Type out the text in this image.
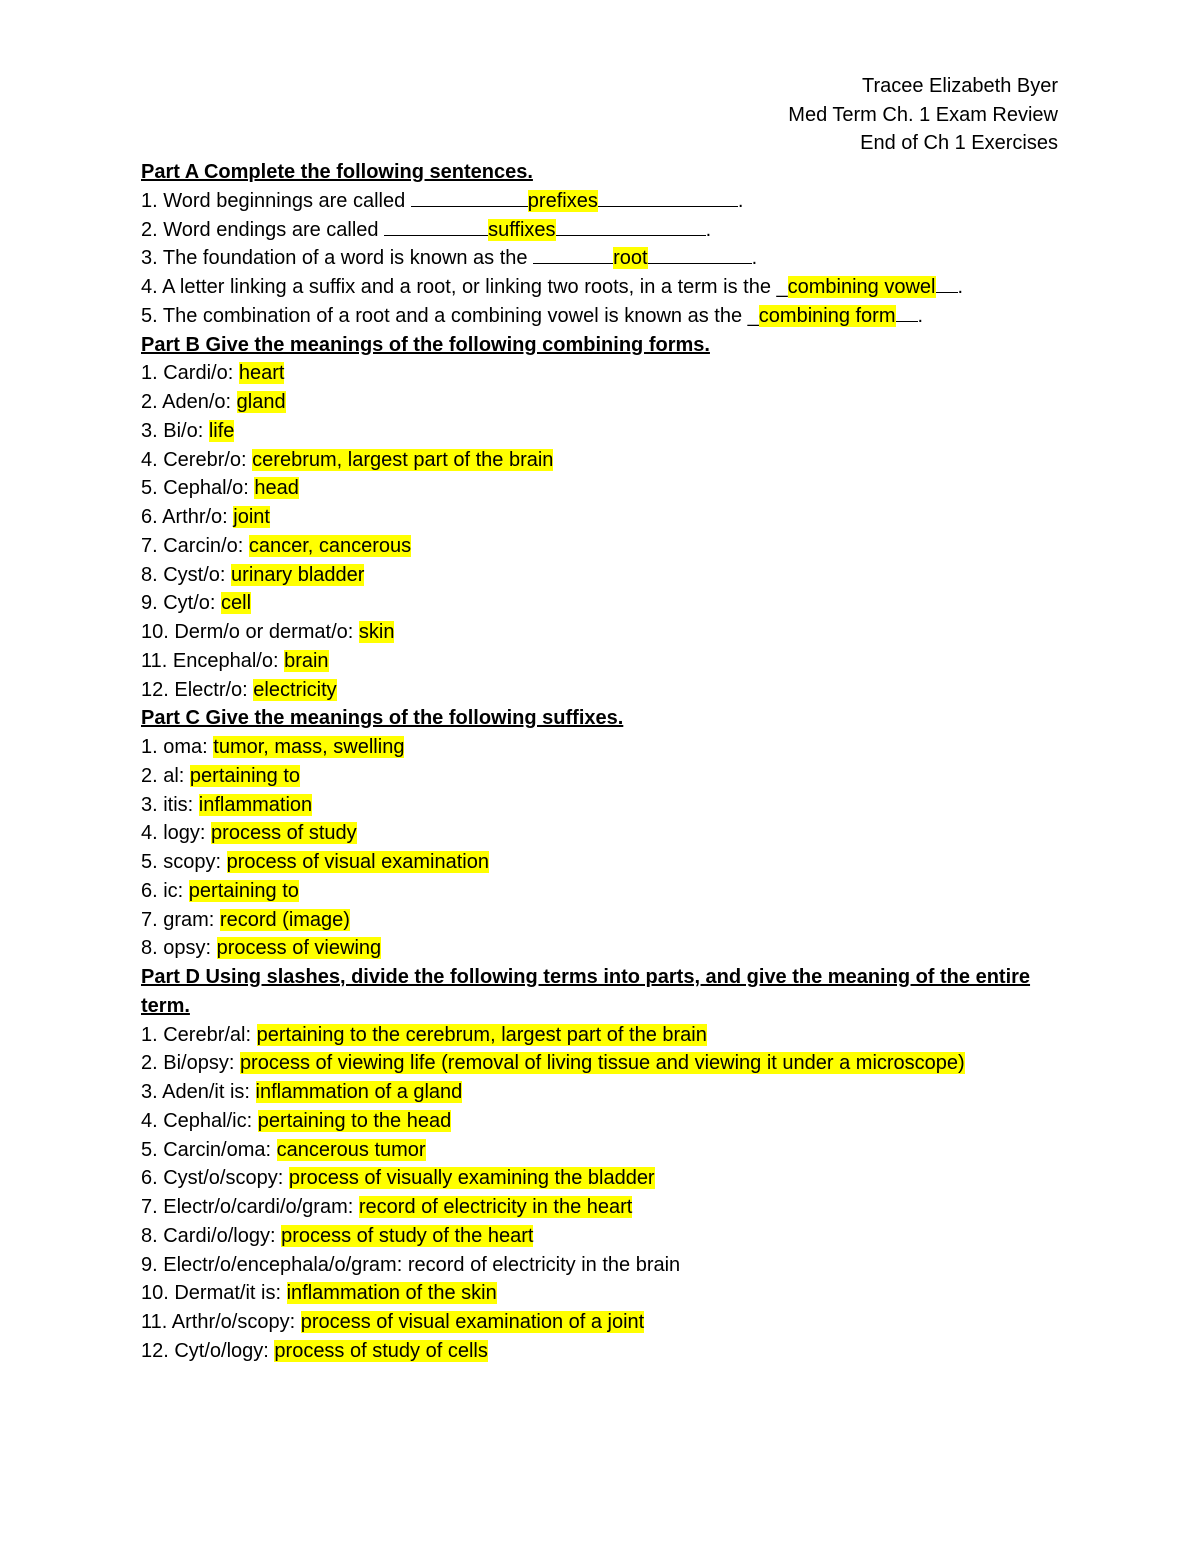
Tracee Elizabeth Byer
Med Term Ch. 1 Exam Review
End of Ch 1 Exercises
Part A Complete the following sentences.
1. Word beginnings are called	prefixes	.
2. Word endings are called	suffixes	.
3. The foundation of a word is known as the	root	.
4. A letter linking a suffix and a root, or linking two roots, in a term is the _combining vowel .
5. The combination of a root and a combining vowel is known as the _combining form .
Part B Give the meanings of the following combining forms.
1. Cardi/o: heart
2. Aden/o: gland
3. Bi/o: life
4. Cerebr/o: cerebrum, largest part of the brain
5. Cephal/o: head
6. Arthr/o: joint
7. Carcin/o: cancer, cancerous
8. Cyst/o: urinary bladder
9. Cyt/o: cell
10. Derm/o or dermat/o: skin
11. Encephal/o: brain
12. Electr/o: electricity
Part C Give the meanings of the following suffixes.
1. oma: tumor, mass, swelling
2. al: pertaining to
3. itis: inflammation
4. logy: process of study
5. scopy: process of visual examination
6. ic: pertaining to
7. gram: record (image)
8. opsy: process of viewing
Part D Using slashes, divide the following terms into parts, and give the meaning of the entire term.
1. Cerebr/al: pertaining to the cerebrum, largest part of the brain
2. Bi/opsy: process of viewing life (removal of living tissue and viewing it under a microscope)
3. Aden/it is: inflammation of a gland
4. Cephal/ic: pertaining to the head
5. Carcin/oma: cancerous tumor
6. Cyst/o/scopy: process of visually examining the bladder
7. Electr/o/cardi/o/gram: record of electricity in the heart
8. Cardi/o/logy: process of study of the heart
9. Electr/o/encephala/o/gram: record of electricity in the brain
10. Dermat/it is: inflammation of the skin
11. Arthr/o/scopy: process of visual examination of a joint
12. Cyt/o/logy: process of study of cells
